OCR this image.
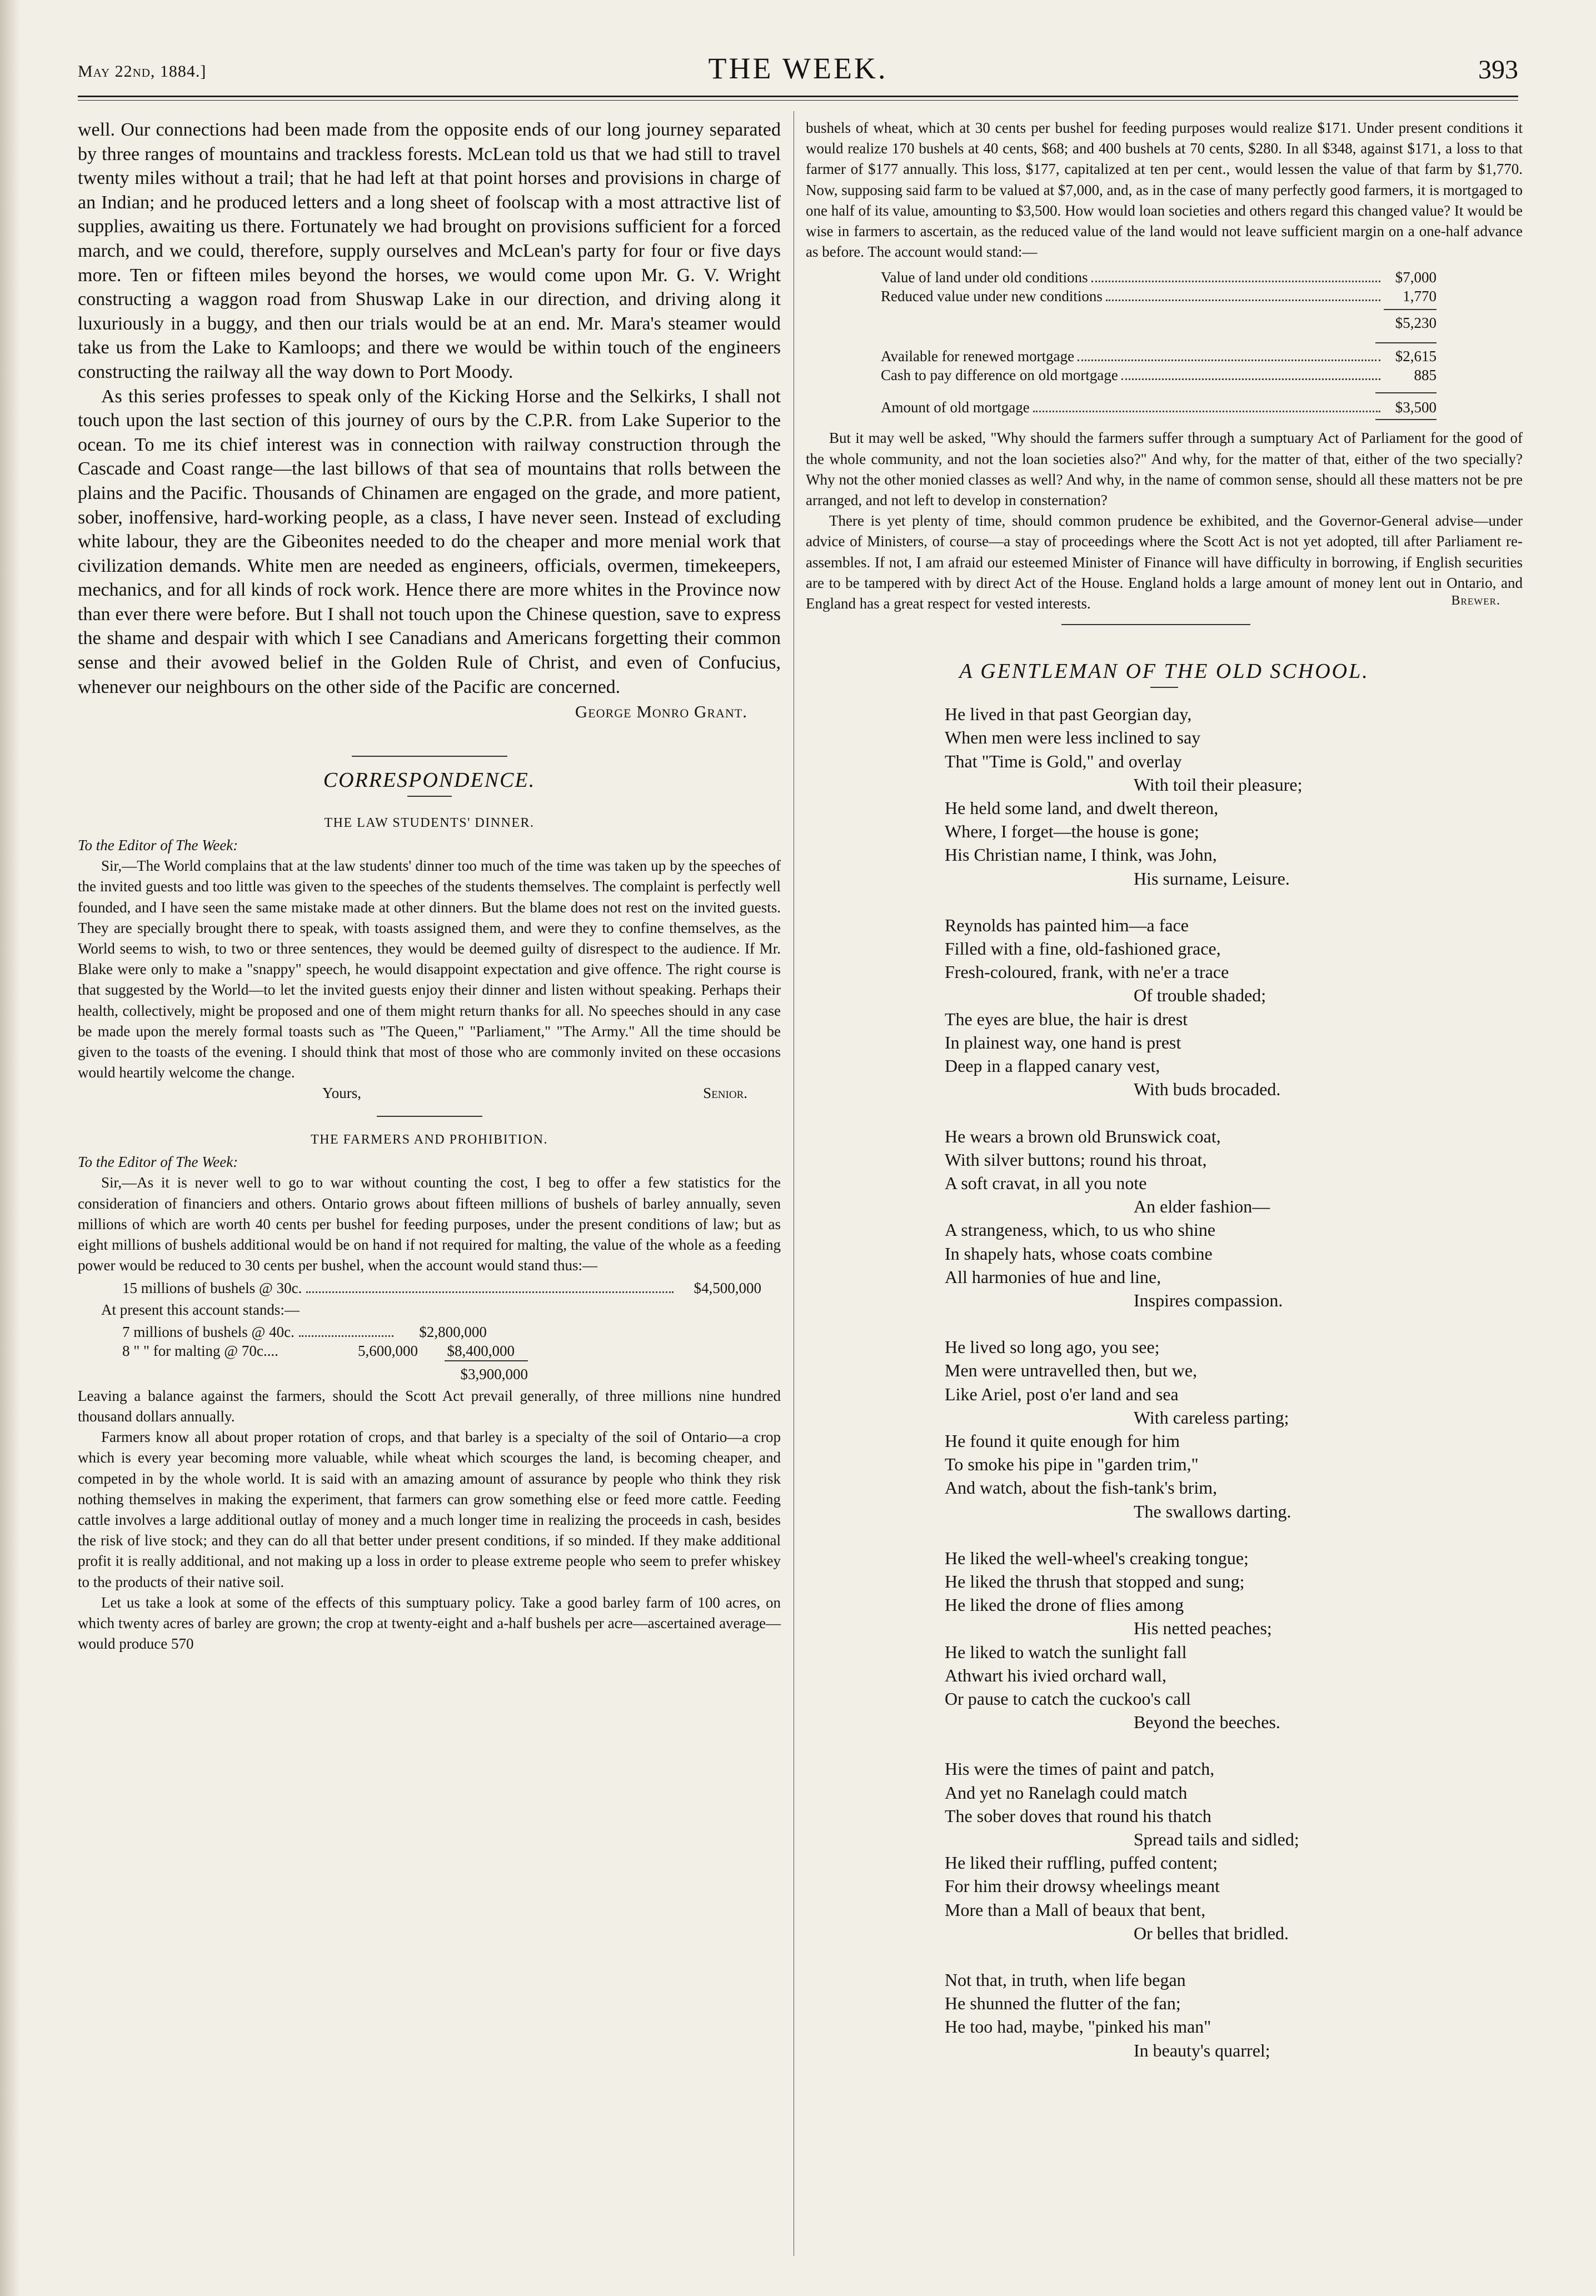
May 22nd, 1884.]	THE WEEK.	393

well. Our connections had been made from the opposite ends of our long journey separated by three ranges of mountains and trackless forests. McLean told us that we had still to travel twenty miles without a trail; that he had left at that point horses and provisions in charge of an Indian; and he produced letters and a long sheet of foolscap with a most attractive list of supplies, awaiting us there. Fortunately we had brought on provisions sufficient for a forced march, and we could, therefore, supply ourselves and McLean's party for four or five days more. Ten or fifteen miles beyond the horses, we would come upon Mr. G. V. Wright constructing a waggon road from Shuswap Lake in our direction, and driving along it luxuriously in a buggy, and then our trials would be at an end. Mr. Mara's steamer would take us from the Lake to Kamloops; and there we would be within touch of the engineers constructing the railway all the way down to Port Moody.

As this series professes to speak only of the Kicking Horse and the Selkirks, I shall not touch upon the last section of this journey of ours by the C.P.R. from Lake Superior to the ocean. To me its chief interest was in connection with railway construction through the Cascade and Coast range—the last billows of that sea of mountains that rolls between the plains and the Pacific. Thousands of Chinamen are engaged on the grade, and more patient, sober, inoffensive, hard-working people, as a class, I have never seen. Instead of excluding white labour, they are the Gibeonites needed to do the cheaper and more menial work that civilization demands. White men are needed as engineers, officials, overmen, timekeepers, mechanics, and for all kinds of rock work. Hence there are more whites in the Province now than ever there were before. But I shall not touch upon the Chinese question, save to express the shame and despair with which I see Canadians and Americans forgetting their common sense and their avowed belief in the Golden Rule of Christ, and even of Confucius, whenever our neighbours on the other side of the Pacific are concerned.

George Monro Grant.

CORRESPONDENCE.

THE LAW STUDENTS' DINNER.

To the Editor of The Week:

Sir,—The World complains that at the law students' dinner too much of the time was taken up by the speeches of the invited guests and too little was given to the speeches of the students themselves. The complaint is perfectly well founded, and I have seen the same mistake made at other dinners. But the blame does not rest on the invited guests. They are specially brought there to speak, with toasts assigned them, and were they to confine themselves, as the World seems to wish, to two or three sentences, they would be deemed guilty of disrespect to the audience. If Mr. Blake were only to make a "snappy" speech, he would disappoint expectation and give offence. The right course is that suggested by the World—to let the invited guests enjoy their dinner and listen without speaking. Perhaps their health, collectively, might be proposed and one of them might return thanks for all. No speeches should in any case be made upon the merely formal toasts such as "The Queen," "Parliament," "The Army." All the time should be given to the toasts of the evening. I should think that most of those who are commonly invited on these occasions would heartily welcome the change.

Yours,	Senior.

THE FARMERS AND PROHIBITION.

To the Editor of The Week:

Sir,—As it is never well to go to war without counting the cost, I beg to offer a few statistics for the consideration of financiers and others. Ontario grows about fifteen millions of bushels of barley annually, seven millions of which are worth 40 cents per bushel for feeding purposes, under the present conditions of law; but as eight millions of bushels additional would be on hand if not required for malting, the value of the whole as a feeding power would be reduced to 30 cents per bushel, when the account would stand thus:—

15 millions of bushels @ 30c.	$4,500,000

At present this account stands:—

7 millions of bushels @ 40c.	$2,800,000
8 " " for malting @ 70c....	5,600,000	$8,400,000
$3,900,000

Leaving a balance against the farmers, should the Scott Act prevail generally, of three millions nine hundred thousand dollars annually.

Farmers know all about proper rotation of crops, and that barley is a specialty of the soil of Ontario—a crop which is every year becoming more valuable, while wheat which scourges the land, is becoming cheaper, and competed in by the whole world. It is said with an amazing amount of assurance by people who think they risk nothing themselves in making the experiment, that farmers can grow something else or feed more cattle. Feeding cattle involves a large additional outlay of money and a much longer time in realizing the proceeds in cash, besides the risk of live stock; and they can do all that better under present conditions, if so minded. If they make additional profit it is really additional, and not making up a loss in order to please extreme people who seem to prefer whiskey to the products of their native soil.

Let us take a look at some of the effects of this sumptuary policy. Take a good barley farm of 100 acres, on which twenty acres of barley are grown; the crop at twenty-eight and a-half bushels per acre—ascertained average—would produce 570

bushels of wheat, which at 30 cents per bushel for feeding purposes would realize $171. Under present conditions it would realize 170 bushels at 40 cents, $68; and 400 bushels at 70 cents, $280. In all $348, against $171, a loss to that farmer of $177 annually. This loss, $177, capitalized at ten per cent., would lessen the value of that farm by $1,770. Now, supposing said farm to be valued at $7,000, and, as in the case of many perfectly good farmers, it is mortgaged to one half of its value, amounting to $3,500. How would loan societies and others regard this changed value? It would be wise in farmers to ascertain, as the reduced value of the land would not leave sufficient margin on a one-half advance as before. The account would stand:—

Value of land under old conditions	$7,000
Reduced value under new conditions	1,770
$5,230
Available for renewed mortgage	$2,615
Cash to pay difference on old mortgage	885
Amount of old mortgage	$3,500

But it may well be asked, "Why should the farmers suffer through a sumptuary Act of Parliament for the good of the whole community, and not the loan societies also?" And why, for the matter of that, either of the two specially? Why not the other monied classes as well? And why, in the name of common sense, should all these matters not be pre arranged, and not left to develop in consternation?

There is yet plenty of time, should common prudence be exhibited, and the Governor-General advise—under advice of Ministers, of course—a stay of proceedings where the Scott Act is not yet adopted, till after Parliament re-assembles. If not, I am afraid our esteemed Minister of Finance will have difficulty in borrowing, if English securities are to be tampered with by direct Act of the House. England holds a large amount of money lent out in Ontario, and England has a great respect for vested interests.	Brewer.

A GENTLEMAN OF THE OLD SCHOOL.

He lived in that past Georgian day,
When men were less inclined to say
That "Time is Gold," and overlay
With toil their pleasure;
He held some land, and dwelt thereon,
Where, I forget—the house is gone;
His Christian name, I think, was John,
His surname, Leisure.
Reynolds has painted him—a face
Filled with a fine, old-fashioned grace,
Fresh-coloured, frank, with ne'er a trace
Of trouble shaded;
The eyes are blue, the hair is drest
In plainest way, one hand is prest
Deep in a flapped canary vest,
With buds brocaded.
He wears a brown old Brunswick coat,
With silver buttons; round his throat,
A soft cravat, in all you note
An elder fashion—
A strangeness, which, to us who shine
In shapely hats, whose coats combine
All harmonies of hue and line,
Inspires compassion.
He lived so long ago, you see;
Men were untravelled then, but we,
Like Ariel, post o'er land and sea
With careless parting;
He found it quite enough for him
To smoke his pipe in "garden trim,"
And watch, about the fish-tank's brim,
The swallows darting.
He liked the well-wheel's creaking tongue;
He liked the thrush that stopped and sung;
He liked the drone of flies among
His netted peaches;
He liked to watch the sunlight fall
Athwart his ivied orchard wall,
Or pause to catch the cuckoo's call
Beyond the beeches.
His were the times of paint and patch,
And yet no Ranelagh could match
The sober doves that round his thatch
Spread tails and sidled;
He liked their ruffling, puffed content;
For him their drowsy wheelings meant
More than a Mall of beaux that bent,
Or belles that bridled.
Not that, in truth, when life began
He shunned the flutter of the fan;
He too had, maybe, "pinked his man"
In beauty's quarrel;
